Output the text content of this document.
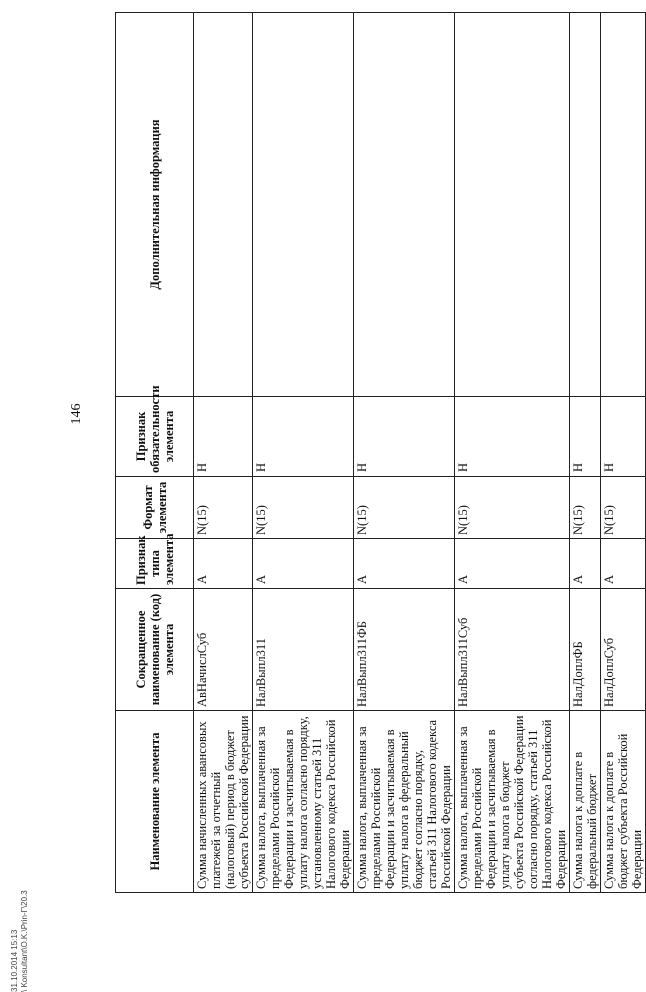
146
31.10.2014 15:13 \ Konsultant\O.K.\Prin-Г\20.3
Наименование элемента	Сокращенное наименование (код) элемента	Признак типа элемента	Формат элемента	Признак обязательности элемента	Дополнительная информация
Сумма начисленных авансовых платежей за отчетный (налоговый) период в бюджет субъекта Российской Федерации	АвНачислСуб	А	N(15)	Н	
Сумма налога, выплаченная за пределами Российской Федерации и засчитываемая в уплату налога согласно порядку, установленному статьей 311 Налогового кодекса Российской Федерации	НалВыпл311	А	N(15)	Н	
Сумма налога, выплаченная за пределами Российской Федерации и засчитываемая в уплату налога в федеральный бюджет согласно порядку, статьей 311 Налогового кодекса Российской Федерации	НалВыпл311ФБ	А	N(15)	Н	
Сумма налога, выплаченная за пределами Российской Федерации и засчитываемая в уплату налога в бюджет субъекта Российской Федерации согласно порядку, статьей 311 Налогового кодекса Российской Федерации	НалВыпл311Суб	А	N(15)	Н	
Сумма налога к доплате в федеральный бюджет	НалДоплФБ	А	N(15)	Н	
Сумма налога к доплате в бюджет субъекта Российской Федерации	НалДоплСуб	А	N(15)	Н	
